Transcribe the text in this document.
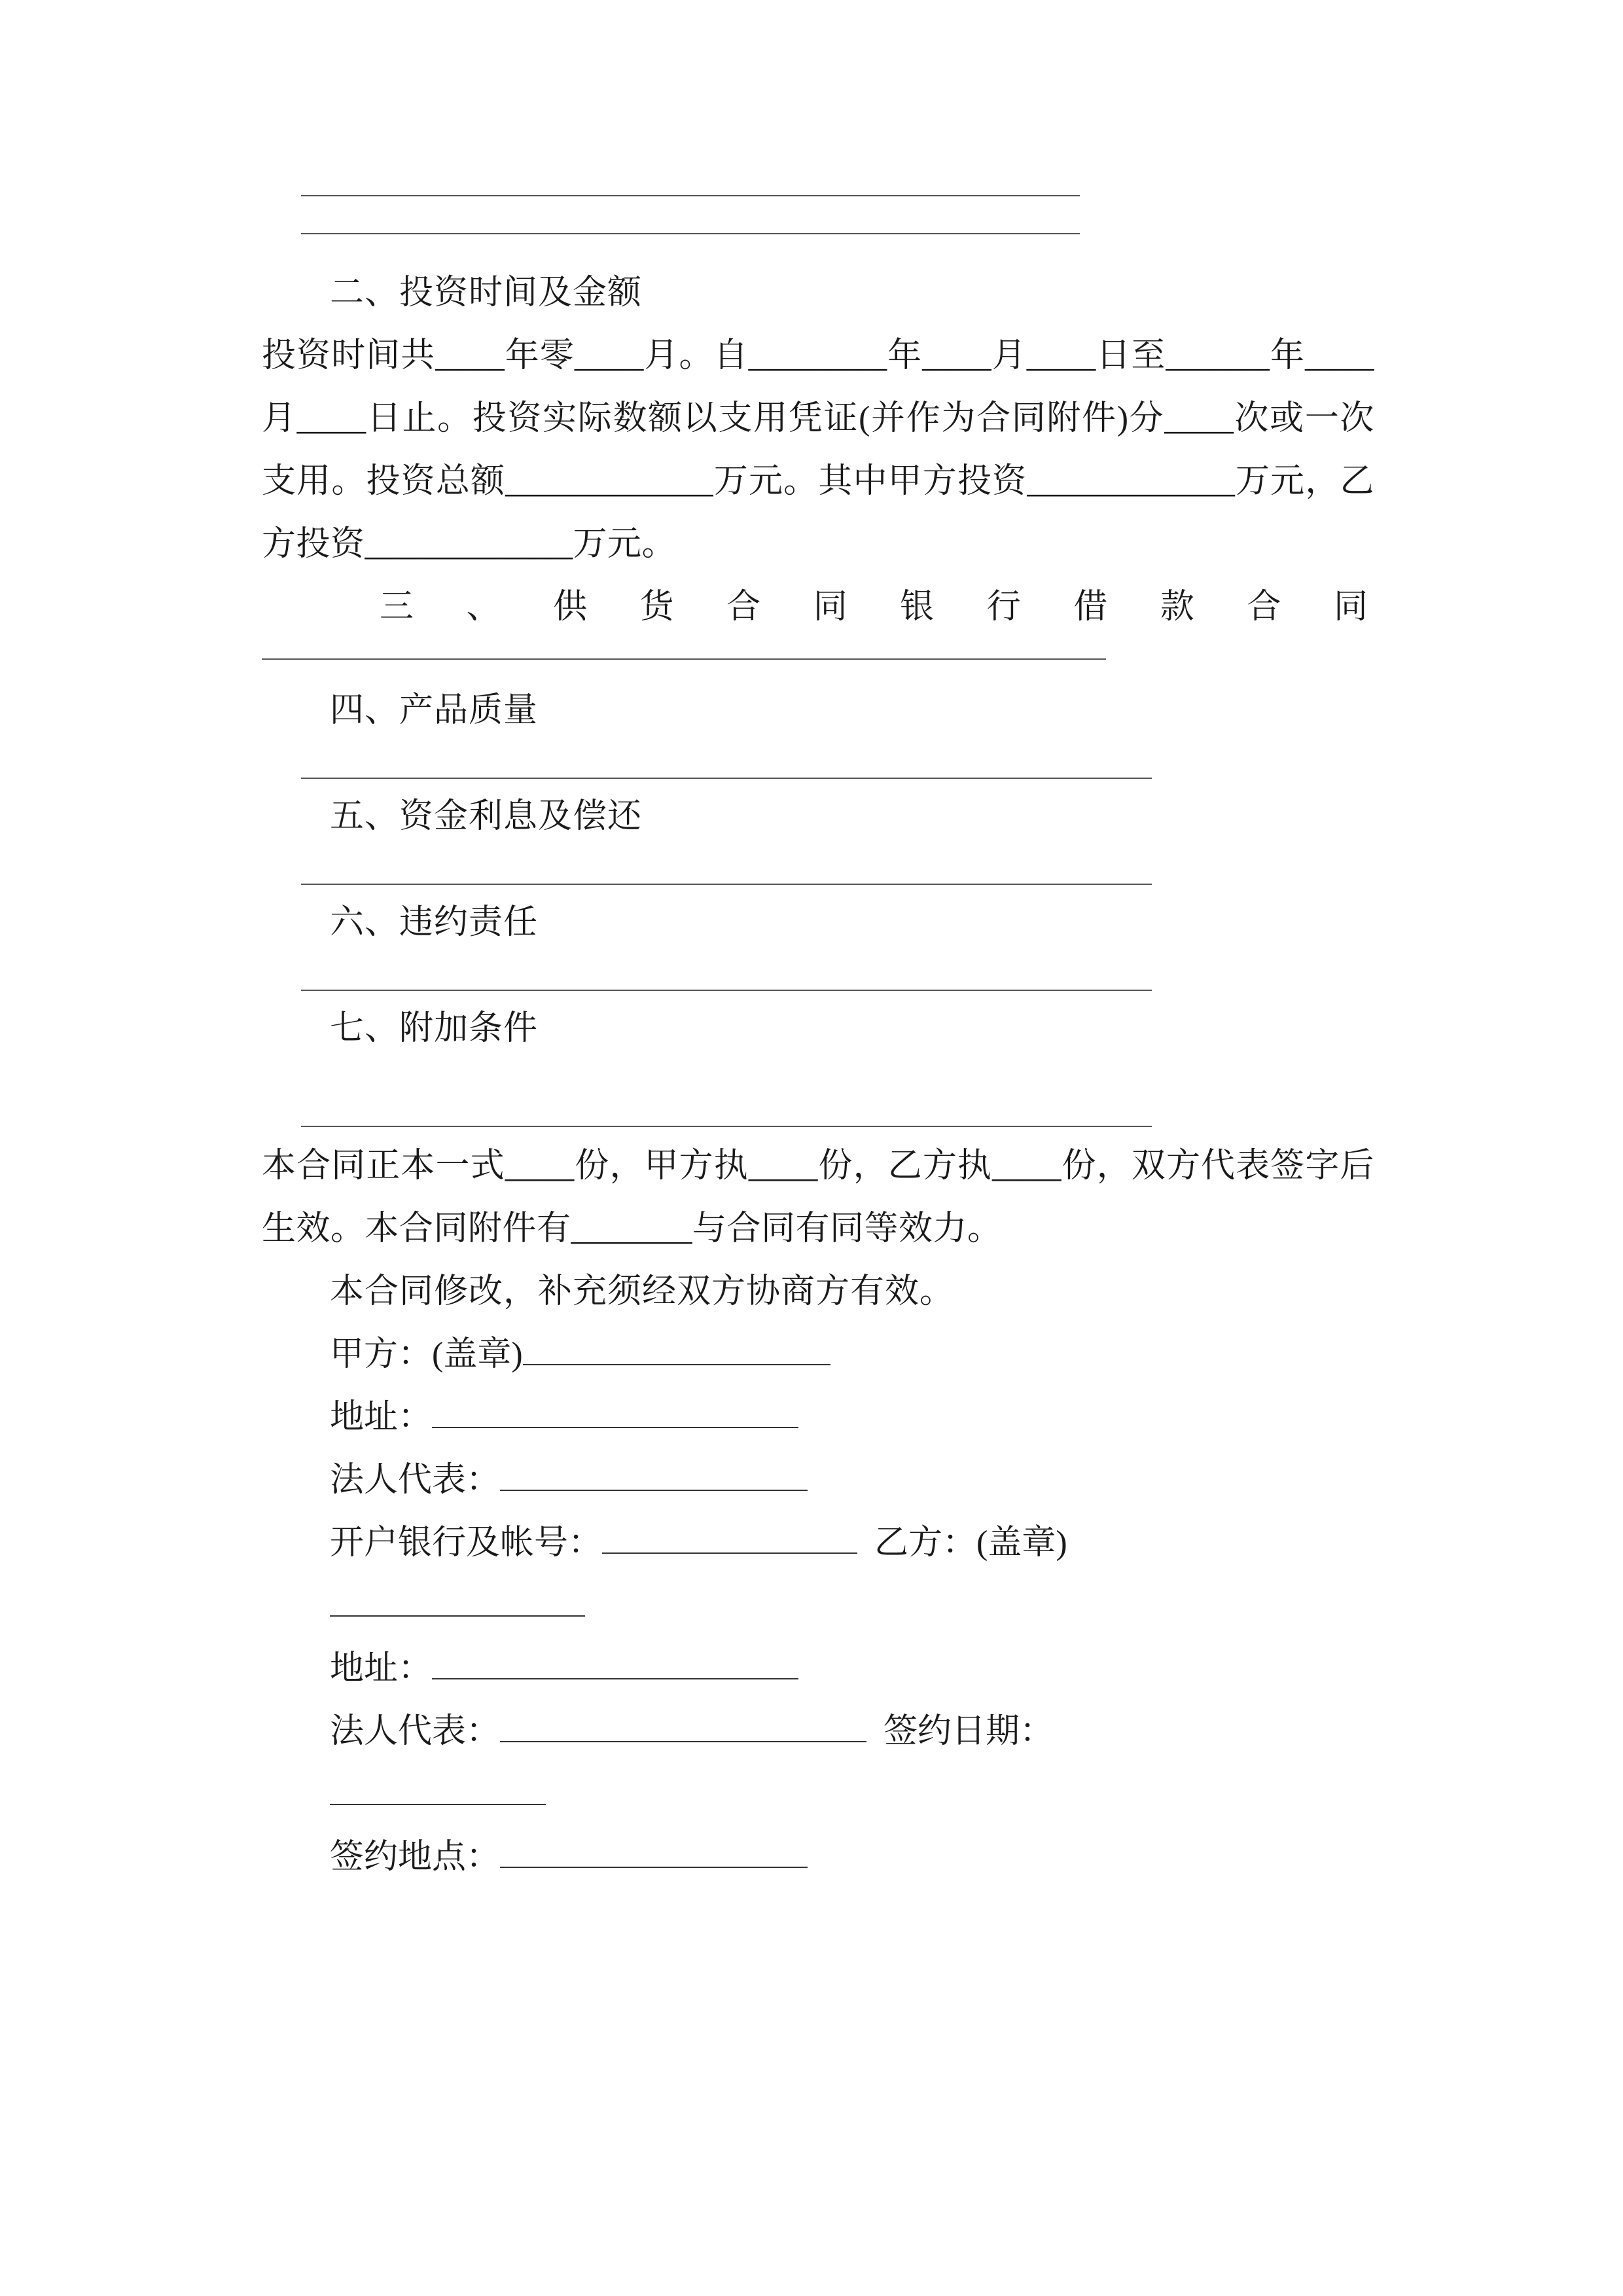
二、投资时间及金额
投资时间共____年零____月。自________年____月____日至______年____月____日止。投资实际数额以支用凭证(并作为合同附件)分____次或一次支用。投资总额____________万元。其中甲方投资____________万元，乙方投资____________万元。
三 、 供 货 合 同 银 行 借 款 合 同
四、产品质量
五、资金利息及偿还
六、违约责任
七、附加条件
本合同正本一式____份，甲方执____份，乙方执____份，双方代表签字后生效。本合同附件有_______与合同有同等效力。
本合同修改，补充须经双方协商方有效。
甲方：(盖章)
地址：
法人代表：
开户银行及帐号：	乙方：(盖章)
地址：
法人代表：	签约日期：
签约地点：
